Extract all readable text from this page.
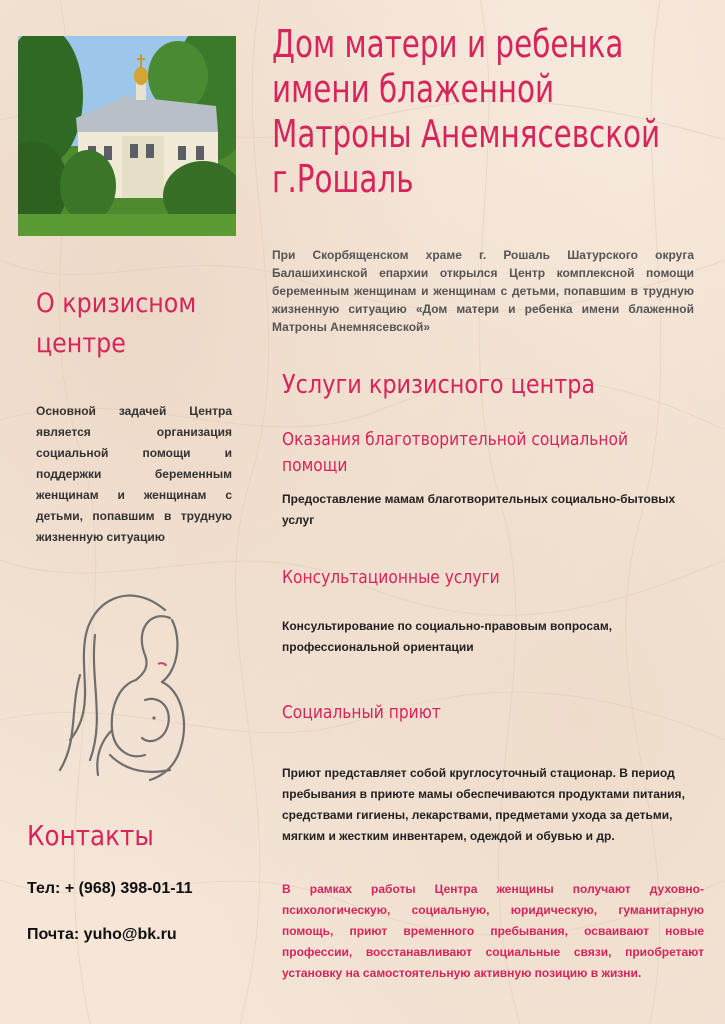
Дом матери и ребенка имени блаженной Матроны Анемнясевской г.Рошаль
При Скорбященском храме г. Рошаль Шатурского округа Балашихинской епархии открылся Центр комплексной помощи беременным женщинам и женщинам с детьми, попавшим в трудную жизненную ситуацию «Дом матери и ребенка имени блаженной Матроны Анемнясевской»
О кризисном центре
Основной задачей Центра является организация социальной помощи и поддержки беременным женщинам и женщинам с детьми, попавшим в трудную жизненную ситуацию
Услуги кризисного центра
Оказания благотворительной социальной помощи
Предоставление мамам благотворительных социально-бытовых услуг
Консультационные услуги
Консультирование по социально-правовым вопросам, профессиональной ориентации
Социальный приют
Приют представляет собой круглосуточный стационар. В период пребывания в приюте мамы обеспечиваются продуктами питания, средствами гигиены, лекарствами, предметами ухода за детьми, мягким и жестким инвентарем, одеждой и обувью и др.
Контакты
Тел: + (968) 398-01-11
Почта: yuho@bk.ru
В рамках работы Центра женщины получают духовно-психологическую, социальную, юридическую, гуманитарную помощь, приют временного пребывания, осваивают новые профессии, восстанавливают социальные связи, приобретают установку на самостоятельную активную позицию в жизни.
